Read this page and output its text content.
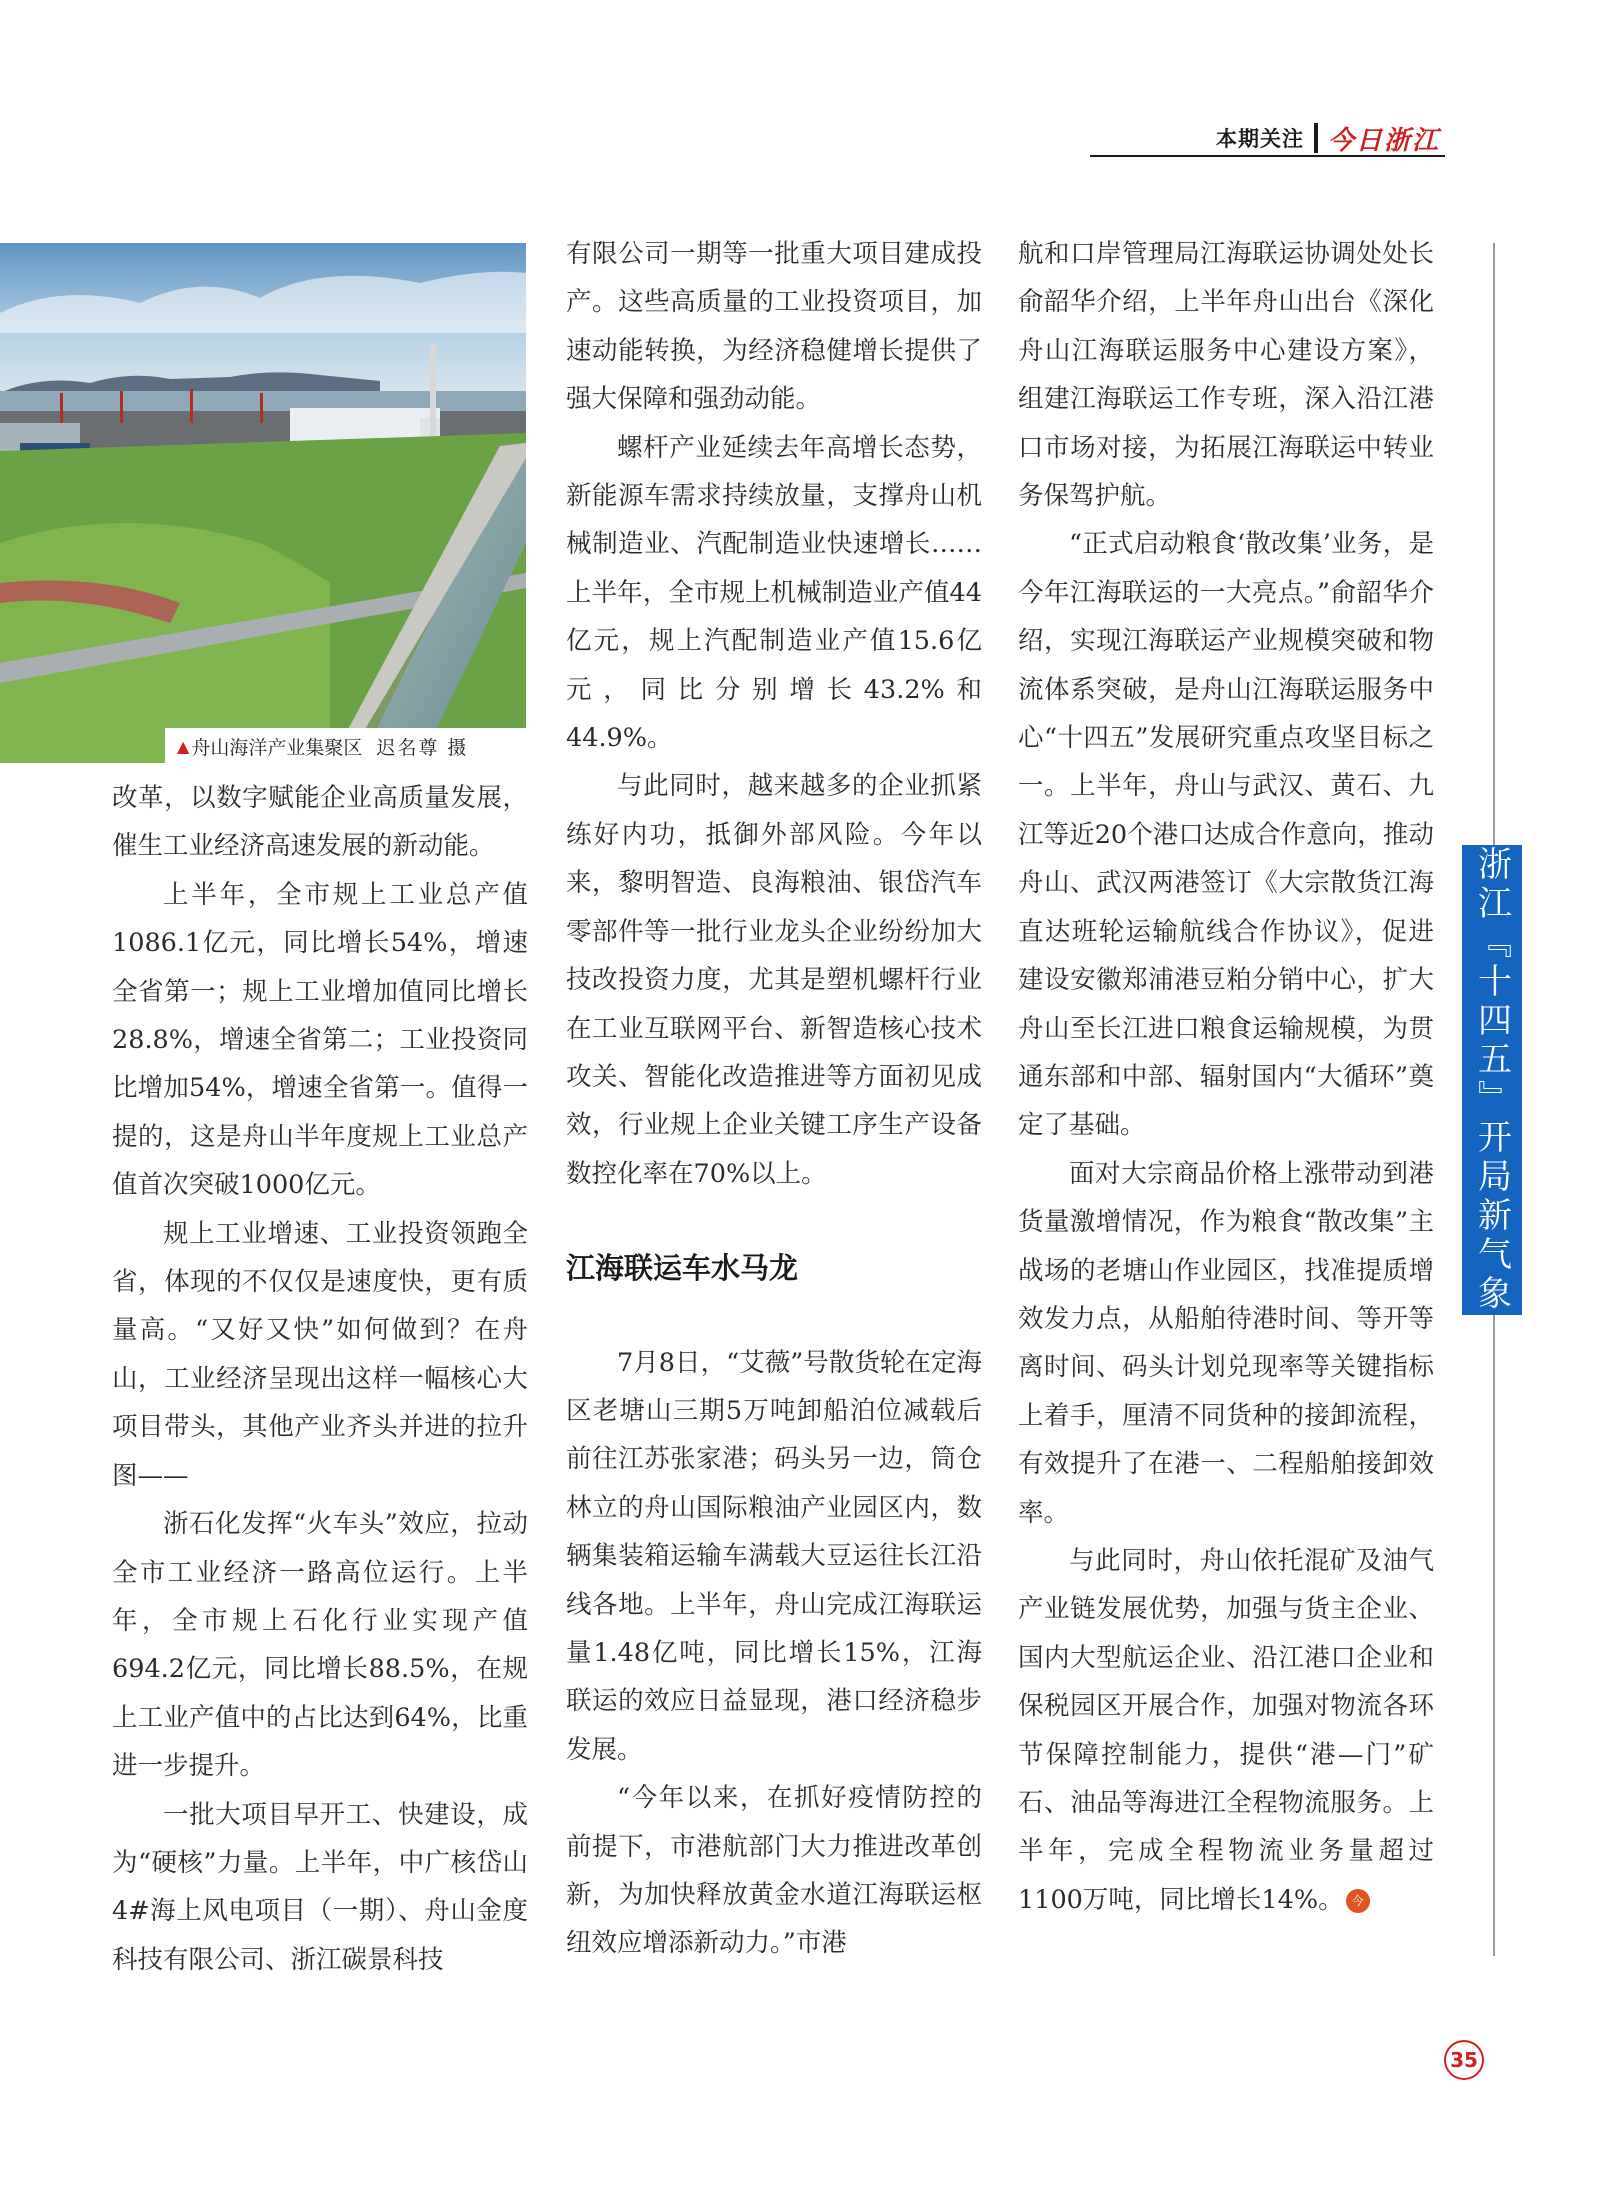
本期关注 今日浙江
▲ 舟山海洋产业集聚区 迟名尊 摄

改革，以数字赋能企业高质量发展，催生工业经济高速发展的新动能。

上半年，全市规上工业总产值1086.1亿元，同比增长54%，增速全省第一；规上工业增加值同比增长28.8%，增速全省第二；工业投资同比增加54%，增速全省第一。值得一提的，这是舟山半年度规上工业总产值首次突破1000亿元。

规上工业增速、工业投资领跑全省，体现的不仅仅是速度快，更有质量高。“又好又快”如何做到？在舟山，工业经济呈现出这样一幅核心大项目带头，其他产业齐头并进的拉升图——

浙石化发挥“火车头”效应，拉动全市工业经济一路高位运行。上半年，全市规上石化行业实现产值694.2亿元，同比增长88.5%，在规上工业产值中的占比达到64%，比重进一步提升。

一批大项目早开工、快建设，成为“硬核”力量。上半年，中广核岱山4#海上风电项目（一期）、舟山金度科技有限公司、浙江碳景科技

有限公司一期等一批重大项目建成投产。这些高质量的工业投资项目，加速动能转换，为经济稳健增长提供了强大保障和强劲动能。

螺杆产业延续去年高增长态势，新能源车需求持续放量，支撑舟山机械制造业、汽配制造业快速增长……上半年，全市规上机械制造业产值44亿元，规上汽配制造业产值15.6亿元，同比分别增长43.2%和44.9%。

与此同时，越来越多的企业抓紧练好内功，抵御外部风险。今年以来，黎明智造、良海粮油、银岱汽车零部件等一批行业龙头企业纷纷加大技改投资力度，尤其是塑机螺杆行业在工业互联网平台、新智造核心技术攻关、智能化改造推进等方面初见成效，行业规上企业关键工序生产设备数控化率在70%以上。

江海联运车水马龙

7月8日，“艾薇”号散货轮在定海区老塘山三期5万吨卸船泊位减载后前往江苏张家港；码头另一边，筒仓林立的舟山国际粮油产业园区内，数辆集装箱运输车满载大豆运往长江沿线各地。上半年，舟山完成江海联运量1.48亿吨，同比增长15%，江海联运的效应日益显现，港口经济稳步发展。

“今年以来，在抓好疫情防控的前提下，市港航部门大力推进改革创新，为加快释放黄金水道江海联运枢纽效应增添新动力。”市港

航和口岸管理局江海联运协调处处长俞韶华介绍，上半年舟山出台《深化舟山江海联运服务中心建设方案》，组建江海联运工作专班，深入沿江港口市场对接，为拓展江海联运中转业务保驾护航。

“正式启动粮食‘散改集’业务，是今年江海联运的一大亮点。”俞韶华介绍，实现江海联运产业规模突破和物流体系突破，是舟山江海联运服务中心“十四五”发展研究重点攻坚目标之一。上半年，舟山与武汉、黄石、九江等近20个港口达成合作意向，推动舟山、武汉两港签订《大宗散货江海直达班轮运输航线合作协议》，促进建设安徽郑浦港豆粕分销中心，扩大舟山至长江进口粮食运输规模，为贯通东部和中部、辐射国内“大循环”奠定了基础。

面对大宗商品价格上涨带动到港货量激增情况，作为粮食“散改集”主战场的老塘山作业园区，找准提质增效发力点，从船舶待港时间、等开等离时间、码头计划兑现率等关键指标上着手，厘清不同货种的接卸流程，有效提升了在港一、二程船舶接卸效率。

与此同时，舟山依托混矿及油气产业链发展优势，加强与货主企业、国内大型航运企业、沿江港口企业和保税园区开展合作，加强对物流各环节保障控制能力，提供“港—门”矿石、油品等海进江全程物流服务。上半年，完成全程物流业务量超过1100万吨，同比增长14%。 今

浙江『十四五』开局新气象
35
